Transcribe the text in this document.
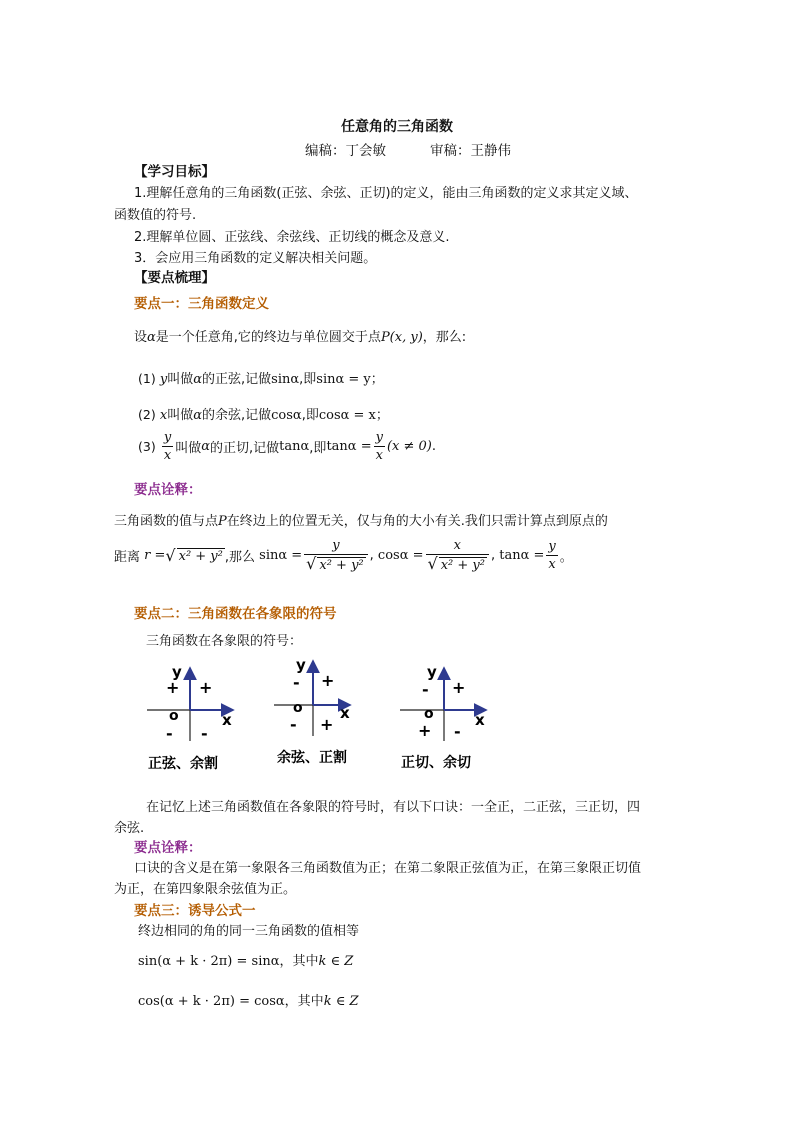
任意角的三角函数
编稿：丁会敏	审稿：王静伟
【学习目标】
1.理解任意角的三角函数(正弦、余弦、正切)的定义，能由三角函数的定义求其定义域、
函数值的符号.
2.理解单位圆、正弦线、余弦线、正切线的概念及意义.
3．会应用三角函数的定义解决相关问题。
【要点梳理】
要点一：三角函数定义
设α是一个任意角,它的终边与单位圆交于点P(x, y)，那么:
(1) y叫做α的正弦,记做sinα,即sinα = y；
(2) x叫做α的余弦,记做cosα,即cosα = x；
$(3) \frac{y}{x}$ 叫做α的正切,记做tanα,即$\tan\alpha = \frac{y}{x} (x \ne 0)$.
要点诠释：
三角函数的值与点P在终边上的位置无关，仅与角的大小有关.我们只需计算点到原点的
距离 r =√ x² + y² ,那么 $\sin\alpha = \frac{y}{\text{√ x² + y²}}$ , $\cos\alpha = \frac{x}{\text{√ x² + y²}}$ , $\tan\alpha = \frac{y}{x}$ 。
要点二：三角函数在各象限的符号
三角函数在各象限的符号：
y
x
o
+
+
- -
正弦、余割
y
x
o
+
-
- +
余弦、正割
y
x
o
+
-
+ -
正切、余切
在记忆上述三角函数值在各象限的符号时，有以下口诀：一全正，二正弦，三正切，四
余弦.
要点诠释：
口诀的含义是在第一象限各三角函数值为正；在第二象限正弦值为正，在第三象限正切值
为正，在第四象限余弦值为正。
要点三：诱导公式一
终边相同的角的同一三角函数的值相等
sin(α + k · 2π) = sinα，其中k ∈ Z
cos(α + k · 2π) = cosα，其中k ∈ Z
